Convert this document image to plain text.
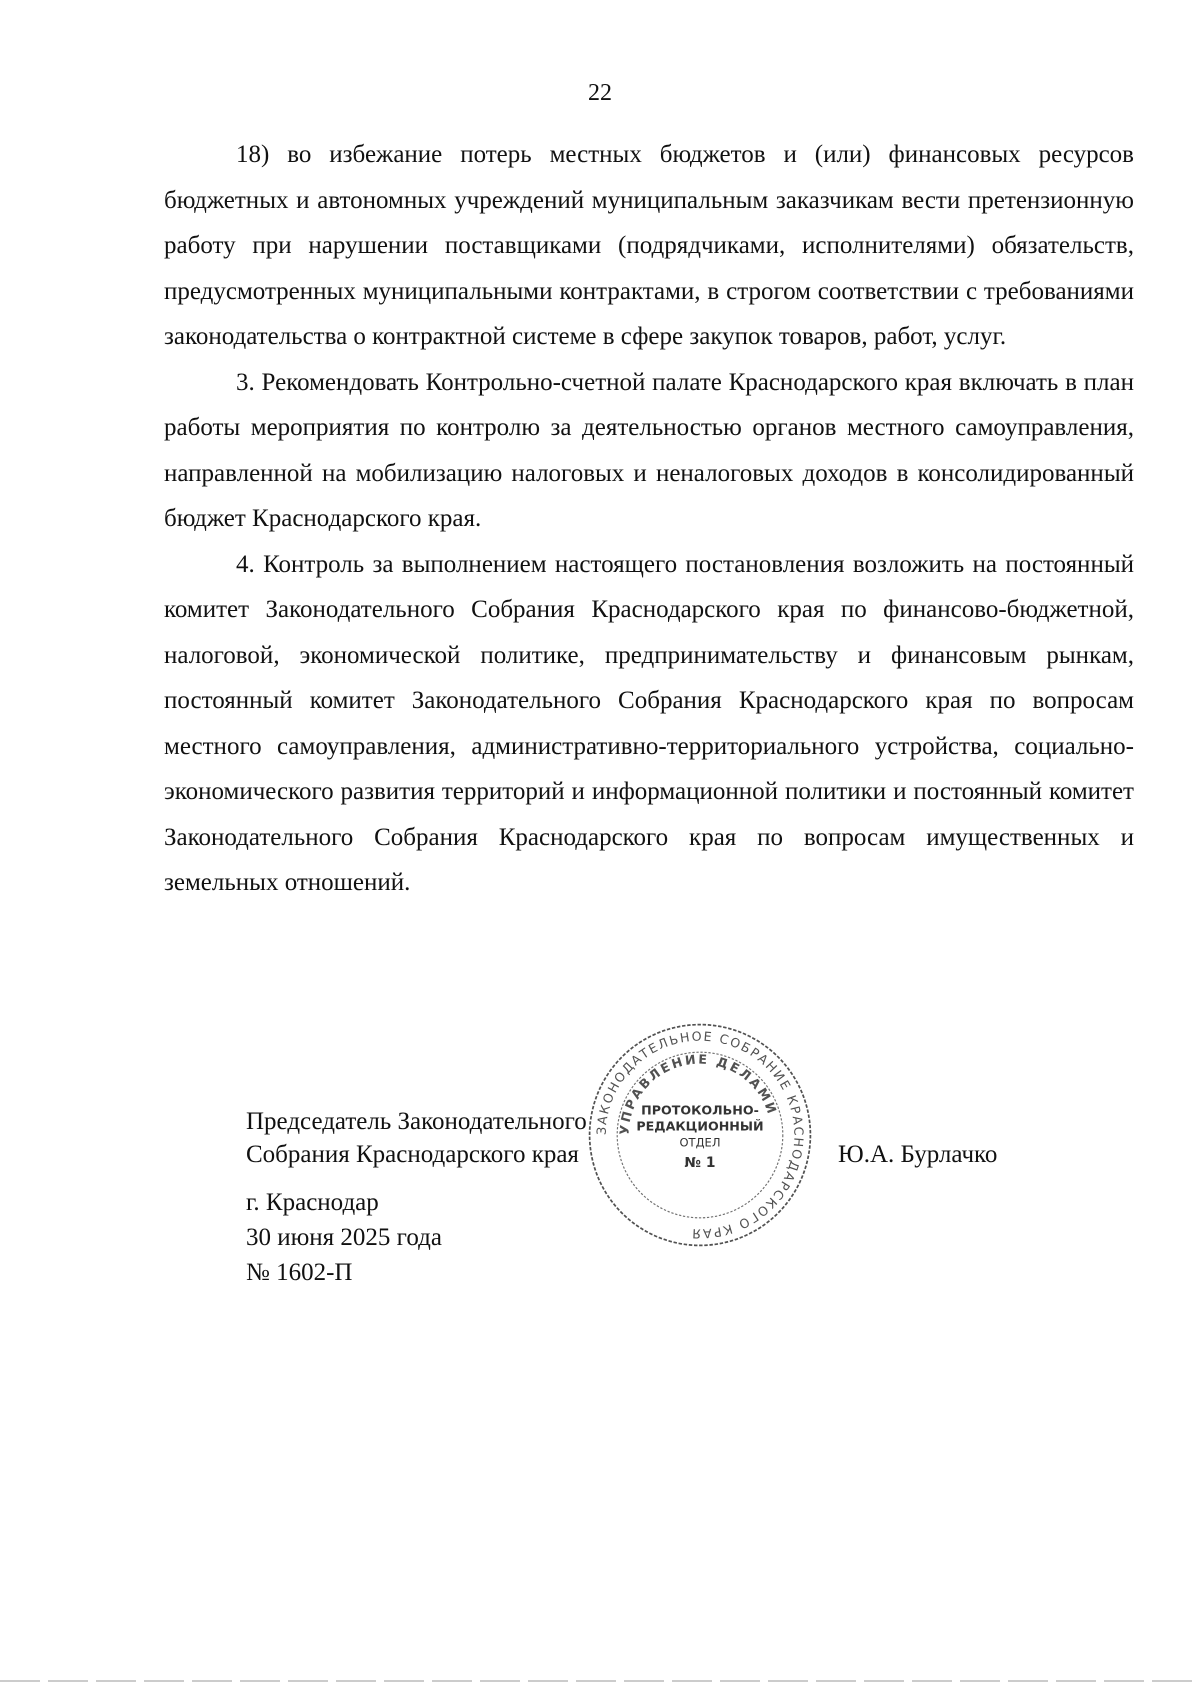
22

18) во избежание потерь местных бюджетов и (или) финансовых ресурсов бюджетных и автономных учреждений муниципальным заказчикам вести претензионную работу при нарушении поставщиками (подрядчиками, исполнителями) обязательств, предусмотренных муниципальными контрактами, в строгом соответствии с требованиями законодательства о контрактной системе в сфере закупок товаров, работ, услуг.

3. Рекомендовать Контрольно-счетной палате Краснодарского края включать в план работы мероприятия по контролю за деятельностью органов местного самоуправления, направленной на мобилизацию налоговых и неналоговых доходов в консолидированный бюджет Краснодарского края.

4. Контроль за выполнением настоящего постановления возложить на постоянный комитет Законодательного Собрания Краснодарского края по финансово-бюджетной, налоговой, экономической политике, предпринимательству и финансовым рынкам, постоянный комитет Законодательного Собрания Краснодарского края по вопросам местного самоуправления, административно-территориального устройства, социально-экономического развития территорий и информационной политики и постоянный комитет Законодательного Собрания Краснодарского края по вопросам имущественных и земельных отношений.

Председатель Законодательного
Собрания Краснодарского края	Ю.А. Бурлачко
г. Краснодар
30 июня 2025 года
№ 1602-П
ЗАКОНОДАТЕЛЬНОЕ СОБРАНИЕ КРАСНОДАРСКОГО КРАЯ
УПРАВЛЕНИЕ ДЕЛАМИ
ПРОТОКОЛЬНО-
РЕДАКЦИОННЫЙ
ОТДЕЛ
№ 1
